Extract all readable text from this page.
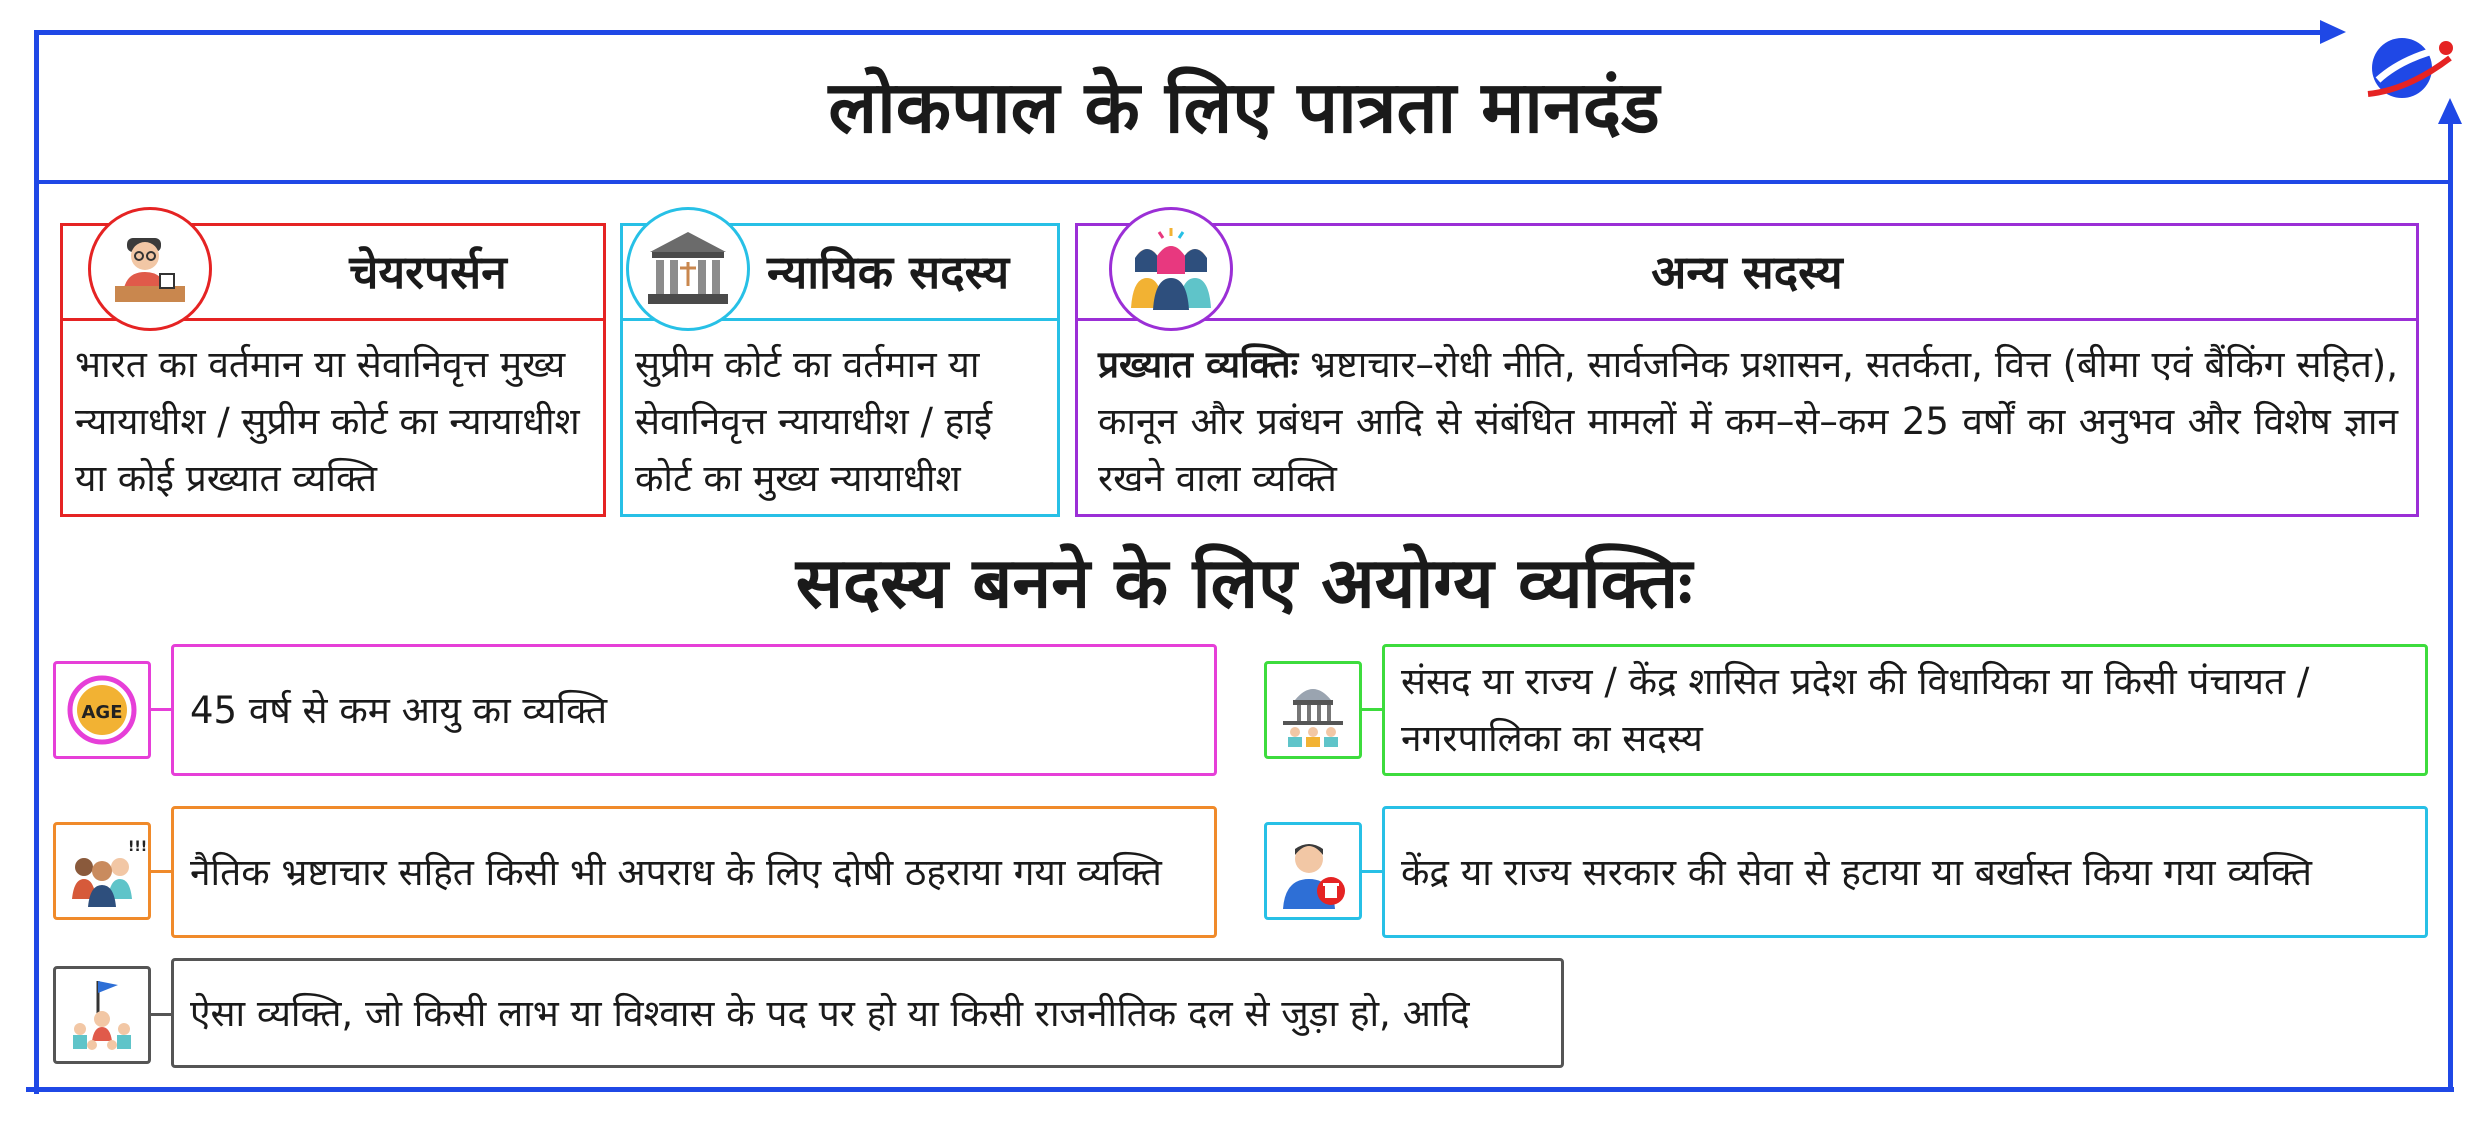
लोकपाल के लिए पात्रता मानदंड
चेयरपर्सन
भारत का वर्तमान या सेवानिवृत्त मुख्य न्यायाधीश / सुप्रीम कोर्ट का न्यायाधीश या कोई प्रख्यात व्यक्ति
न्यायिक सदस्य
सुप्रीम कोर्ट का वर्तमान या सेवानिवृत्त न्यायाधीश / हाई कोर्ट का मुख्य न्यायाधीश
अन्य सदस्य
प्रख्यात व्यक्तिः भ्रष्टाचार–रोधी नीति, सार्वजनिक प्रशासन, सतर्कता, वित्त (बीमा एवं बैंकिंग सहित), कानून और प्रबंधन आदि से संबंधित मामलों में कम–से–कम 25 वर्षों का अनुभव और विशेष ज्ञान रखने वाला व्यक्ति
सदस्य बनने के लिए अयोग्य व्यक्तिः
AGE 45 वर्ष से कम आयु का व्यक्ति
संसद या राज्य / केंद्र शासित प्रदेश की विधायिका या किसी पंचायत / नगरपालिका का सदस्य
!!!
नैतिक भ्रष्टाचार सहित किसी भी अपराध के लिए दोषी ठहराया गया व्यक्ति	केंद्र या राज्य सरकार की सेवा से हटाया या बर्खास्त किया गया व्यक्ति
ऐसा व्यक्ति, जो किसी लाभ या विश्वास के पद पर हो या किसी राजनीतिक दल से जुड़ा हो, आदि
